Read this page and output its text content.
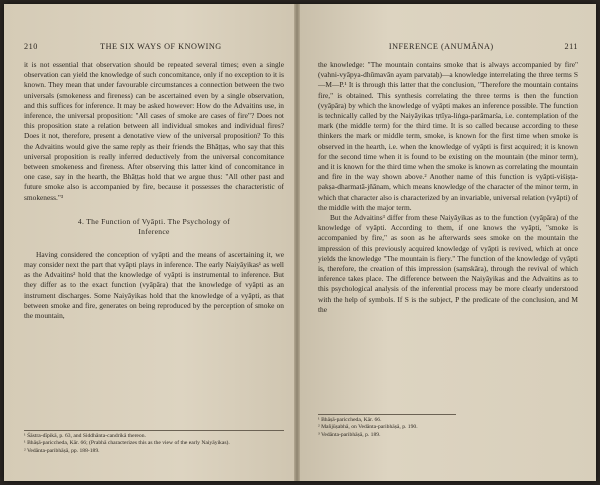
210	THE SIX WAYS OF KNOWING

it is not essential that observation should be repeated several times; even a single observation can yield the knowledge of such concomitance, only if no exception to it is known. They mean that under favourable circumstances a connection between the two universals (smokeness and fireness) can be ascertained even by a single observation, and this suffices for inference. It may be asked however: How do the Advaitins use, in inference, the universal proposition: "All cases of smoke are cases of fire"? Does not this proposition state a relation between all individual smokes and individual fires? Does it not, therefore, present a denotative view of the universal proposition? To this the Advaitins would give the same reply as their friends the Bhāṭṭas, who say that this universal proposition is really inferred deductively from the universal concomitance between smokeness and fireness. After observing this latter kind of concomitance in one case, say in the hearth, the Bhāṭṭas hold that we argue thus: "All other past and future smoke also is accompanied by fire, because it possesses the characteristic of smokeness."³

4. The Function of Vyāpti. The Psychology of
Inference

Having considered the conception of vyāpti and the means of ascertaining it, we may consider next the part that vyāpti plays in inference. The early Naiyāyikas¹ as well as the Advaitins² hold that the knowledge of vyāpti is instrumental to inference. But they differ as to the exact function (vyāpāra) that the knowledge of vyāpti as an instrument discharges. Some Naiyāyikas hold that the knowledge of a vyāpti, as that between smoke and fire, generates on being reproduced by the perception of smoke on the mountain,

¹ Śāstra-dīpikā, p. 63, and Siddhānta-candrikā thereon.
¹ Bhāṣā-pariccheda, Kār. 66; (Prabhā characterizes this as the view of the early Naiyāyikas).
² Vedānta-paribhāṣā, pp. 188-189.
INFERENCE (ANUMĀNA)	211

the knowledge: "The mountain contains smoke that is always accompanied by fire" (vahni-vyāpya-dhūmavān ayam parvataḥ)—a knowledge interrelating the three terms S—M—P.¹ It is through this latter that the conclusion, "Therefore the mountain contains fire," is obtained. This synthesis correlating the three terms is then the function (vyāpāra) by which the knowledge of vyāpti makes an inference possible. The function is technically called by the Naiyāyikas tṛtīya-liṅga-parāmarśa, i.e. contemplation of the mark (the middle term) for the third time. It is so called because according to these thinkers the mark or middle term, smoke, is known for the first time when smoke is observed in the hearth, i.e. when the knowledge of vyāpti is first acquired; it is known for the second time when it is found to be existing on the mountain (the minor term), and it is known for the third time when the smoke is known as correlating the mountain and fire in the way shown above.² Another name of this function is vyāpti-viśiṣṭa-pakṣa-dharmatā-jñānam, which means knowledge of the character of the minor term, in which that character also is characterized by an invariable, universal relation (vyāpti) of the middle with the major term.

But the Advaitins³ differ from these Naiyāyikas as to the function (vyāpāra) of the knowledge of vyāpti. According to them, if one knows the vyāpti, "smoke is accompanied by fire," as soon as he afterwards sees smoke on the mountain the impression of this previously acquired knowledge of vyāpti is revived, which at once yields the knowledge "The mountain is fiery." The function of the knowledge of vyāpti is, therefore, the creation of this impression (saṃskāra), through the revival of which inference takes place. The difference between the Naiyāyikas and the Advaitins as to this psychological analysis of the inferential process may be more clearly understood with the help of symbols. If S is the subject, P the predicate of the conclusion, and M the

¹ Bhāṣā-pariccheda, Kār. 66.
² Mañjūṣabhā, on Vedānta-paribhāṣā, p. 190.
³ Vedānta-paribhāṣā, p. 189.
